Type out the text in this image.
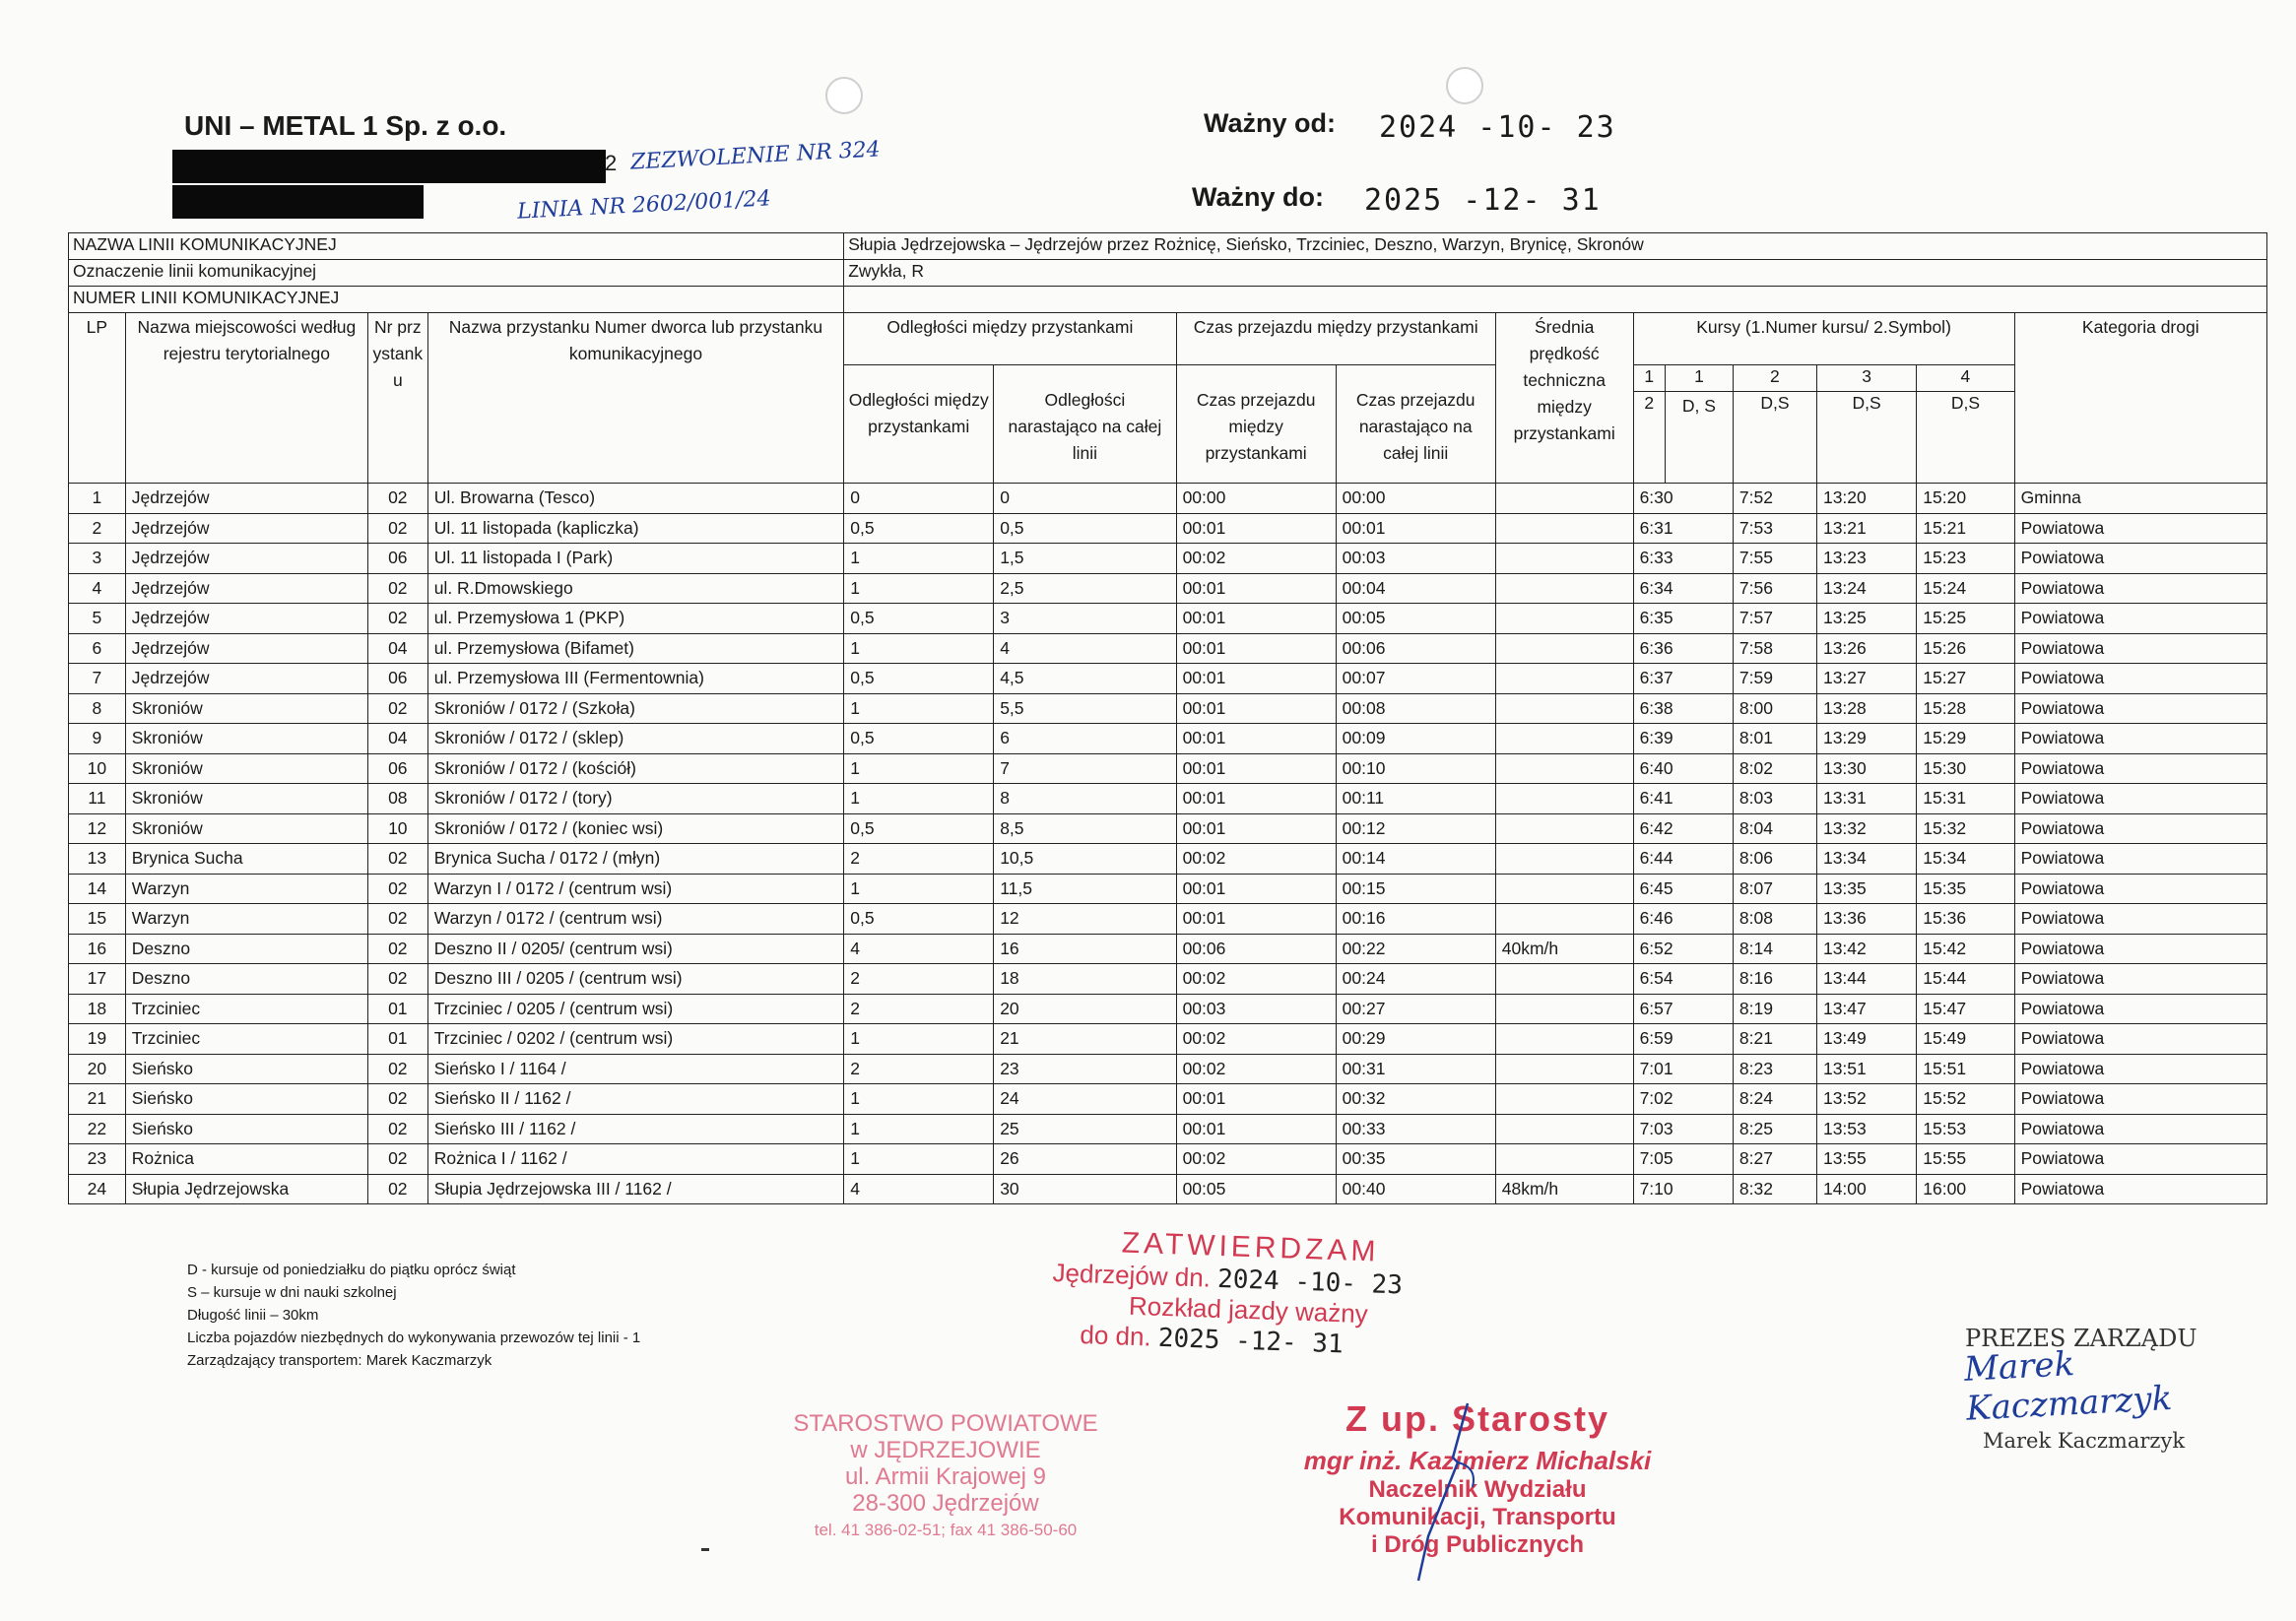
UNI – METAL 1 Sp. z o.o.
2 ZEZWOLENIE NR 324
LINIA NR 2602/001/24
Ważny od: 2024 -10- 23
Ważny do: 2025 -12- 31
NAZWA LINII KOMUNIKACYJNEJ				Słupia Jędrzejowska – Jędrzejów przez Rożnicę, Sieńsko, Trzciniec, Deszno, Warzyn, Brynicę, Skronów										
Oznaczenie linii komunikacyjnej				Zwykła, R										
NUMER LINII KOMUNIKACYJNEJ														
LP	Nazwa miejscowości według rejestru terytorialnego	Nr przystanku	Nazwa przystanku Numer dworca lub przystanku komunikacyjnego	Odległości między przystankami		Czas przejazdu między przystankami		Średnia prędkość techniczna między przystankami	Kursy (1.Numer kursu/ 2.Symbol)					Kategoria drogi
				Odległości między przystankami	Odległości narastająco na całej linii	Czas przejazdu między przystankami	Czas przejazdu narastająco na całej linii		1	1	2	3	4	
									2	D, S	D,S	D,S	D,S	
1	Jędrzejów	02	Ul. Browarna (Tesco)	0	0	00:00	00:00		6:30		7:52	13:20	15:20	Gminna
2	Jędrzejów	02	Ul. 11 listopada (kapliczka)	0,5	0,5	00:01	00:01		6:31		7:53	13:21	15:21	Powiatowa
3	Jędrzejów	06	Ul. 11 listopada I (Park)	1	1,5	00:02	00:03		6:33		7:55	13:23	15:23	Powiatowa
4	Jędrzejów	02	ul. R.Dmowskiego	1	2,5	00:01	00:04		6:34		7:56	13:24	15:24	Powiatowa
5	Jędrzejów	02	ul. Przemysłowa 1 (PKP)	0,5	3	00:01	00:05		6:35		7:57	13:25	15:25	Powiatowa
6	Jędrzejów	04	ul. Przemysłowa (Bifamet)	1	4	00:01	00:06		6:36		7:58	13:26	15:26	Powiatowa
7	Jędrzejów	06	ul. Przemysłowa III (Fermentownia)	0,5	4,5	00:01	00:07		6:37		7:59	13:27	15:27	Powiatowa
8	Skroniów	02	Skroniów / 0172 / (Szkoła)	1	5,5	00:01	00:08		6:38		8:00	13:28	15:28	Powiatowa
9	Skroniów	04	Skroniów / 0172 / (sklep)	0,5	6	00:01	00:09		6:39		8:01	13:29	15:29	Powiatowa
10	Skroniów	06	Skroniów / 0172 / (kościół)	1	7	00:01	00:10		6:40		8:02	13:30	15:30	Powiatowa
11	Skroniów	08	Skroniów / 0172 / (tory)	1	8	00:01	00:11		6:41		8:03	13:31	15:31	Powiatowa
12	Skroniów	10	Skroniów / 0172 / (koniec wsi)	0,5	8,5	00:01	00:12		6:42		8:04	13:32	15:32	Powiatowa
13	Brynica Sucha	02	Brynica Sucha / 0172 / (młyn)	2	10,5	00:02	00:14		6:44		8:06	13:34	15:34	Powiatowa
14	Warzyn	02	Warzyn I / 0172 / (centrum wsi)	1	11,5	00:01	00:15		6:45		8:07	13:35	15:35	Powiatowa
15	Warzyn	02	Warzyn / 0172 / (centrum wsi)	0,5	12	00:01	00:16		6:46		8:08	13:36	15:36	Powiatowa
16	Deszno	02	Deszno II / 0205/ (centrum wsi)	4	16	00:06	00:22	40km/h	6:52		8:14	13:42	15:42	Powiatowa
17	Deszno	02	Deszno III / 0205 / (centrum wsi)	2	18	00:02	00:24		6:54		8:16	13:44	15:44	Powiatowa
18	Trzciniec	01	Trzciniec / 0205 / (centrum wsi)	2	20	00:03	00:27		6:57		8:19	13:47	15:47	Powiatowa
19	Trzciniec	01	Trzciniec / 0202 / (centrum wsi)	1	21	00:02	00:29		6:59		8:21	13:49	15:49	Powiatowa
20	Sieńsko	02	Sieńsko I / 1164 /	2	23	00:02	00:31		7:01		8:23	13:51	15:51	Powiatowa
21	Sieńsko	02	Sieńsko II / 1162 /	1	24	00:01	00:32		7:02		8:24	13:52	15:52	Powiatowa
22	Sieńsko	02	Sieńsko III / 1162 /	1	25	00:01	00:33		7:03		8:25	13:53	15:53	Powiatowa
23	Rożnica	02	Rożnica I / 1162 /	1	26	00:02	00:35		7:05		8:27	13:55	15:55	Powiatowa
24	Słupia Jędrzejowska	02	Słupia Jędrzejowska III / 1162 /	4	30	00:05	00:40	48km/h	7:10		8:32	14:00	16:00	Powiatowa
D - kursuje od poniedziałku do piątku oprócz świąt
S – kursuje w dni nauki szkolnej
Długość linii – 30km
Liczba pojazdów niezbędnych do wykonywania przewozów tej linii - 1
Zarządzający transportem: Marek Kaczmarzyk
ZATWIERDZAM
Jędrzejów dn. 2024 -10- 23
Rozkład jazdy ważny
do dn. 2025 -12- 31
STAROSTWO POWIATOWE
w JĘDRZEJOWIE
ul. Armii Krajowej 9
28-300 Jędrzejów
tel. 41 386-02-51; fax 41 386-50-60
Z up. Starosty
mgr inż. Kazimierz Michalski
Naczelnik Wydziału
Komunikacji, Transportu
i Dróg Publicznych
PREZES ZARZĄDU
Marek Kaczmarzyk
Marek Kaczmarzyk
